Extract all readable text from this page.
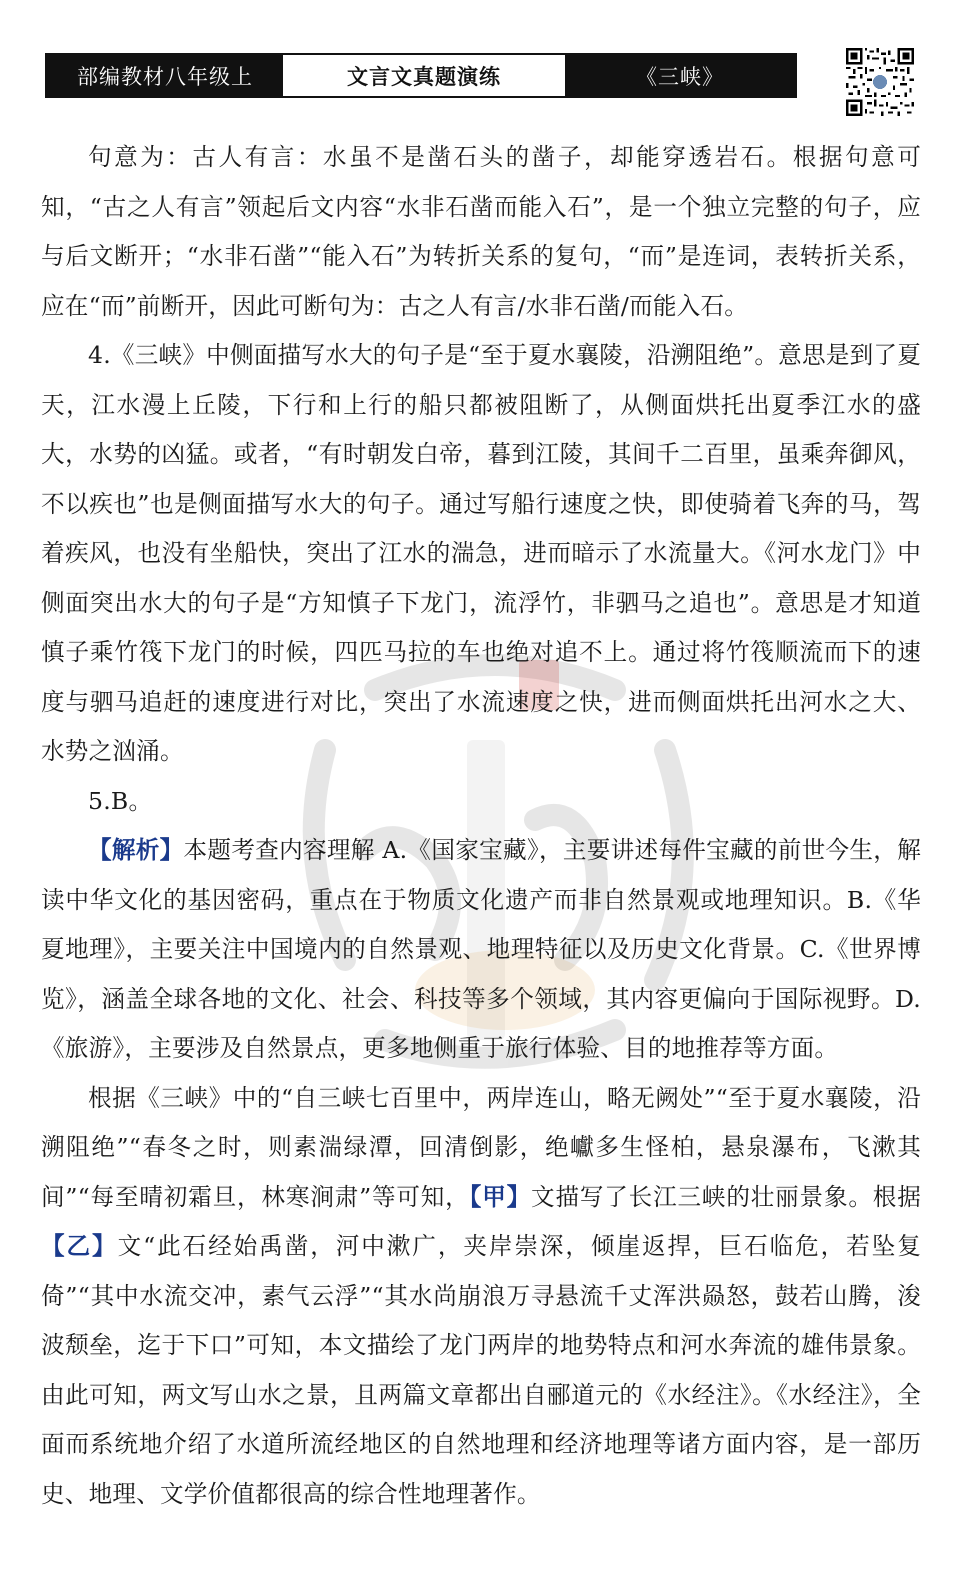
部编教材八年级上	文言文真题演练	《三峡》

句意为：古人有言：水虽不是凿石头的凿子，却能穿透岩石。根据句意可知，“古之人有言”领起后文内容“水非石凿而能入石”，是一个独立完整的句子，应与后文断开；“水非石凿”“能入石”为转折关系的复句，“而”是连词，表转折关系，应在“而”前断开，因此可断句为：古之人有言/水非石凿/而能入石。

4.《三峡》中侧面描写水大的句子是“至于夏水襄陵，沿溯阻绝”。意思是到了夏天，江水漫上丘陵，下行和上行的船只都被阻断了，从侧面烘托出夏季江水的盛大，水势的凶猛。或者，“有时朝发白帝，暮到江陵，其间千二百里，虽乘奔御风，不以疾也”也是侧面描写水大的句子。通过写船行速度之快，即使骑着飞奔的马，驾着疾风，也没有坐船快，突出了江水的湍急，进而暗示了水流量大。《河水龙门》中侧面突出水大的句子是“方知慎子下龙门，流浮竹，非驷马之追也”。意思是才知道慎子乘竹筏下龙门的时候，四匹马拉的车也绝对追不上。通过将竹筏顺流而下的速度与驷马追赶的速度进行对比，突出了水流速度之快，进而侧面烘托出河水之大、水势之汹涌。

5.B。

【解析】本题考查内容理解 A.《国家宝藏》，主要讲述每件宝藏的前世今生，解读中华文化的基因密码，重点在于物质文化遗产而非自然景观或地理知识。B.《华夏地理》，主要关注中国境内的自然景观、地理特征以及历史文化背景。C.《世界博览》，涵盖全球各地的文化、社会、科技等多个领域，其内容更偏向于国际视野。D.《旅游》，主要涉及自然景点，更多地侧重于旅行体验、目的地推荐等方面。

根据《三峡》中的“自三峡七百里中，两岸连山，略无阙处”“至于夏水襄陵，沿溯阻绝”“春冬之时，则素湍绿潭，回清倒影，绝巘多生怪柏，悬泉瀑布，飞漱其间”“每至晴初霜旦，林寒涧肃”等可知，【甲】文描写了长江三峡的壮丽景象。根据【乙】文“此石经始禹凿，河中漱广，夹岸崇深，倾崖返捍，巨石临危，若坠复倚”“其中水流交冲，素气云浮”“其水尚崩浪万寻悬流千丈浑洪赑怒，鼓若山腾，浚波颓垒，迄于下口”可知，本文描绘了龙门两岸的地势特点和河水奔流的雄伟景象。由此可知，两文写山水之景，且两篇文章都出自郦道元的《水经注》。《水经注》，全面而系统地介绍了水道所流经地区的自然地理和经济地理等诸方面内容，是一部历史、地理、文学价值都很高的综合性地理著作。
